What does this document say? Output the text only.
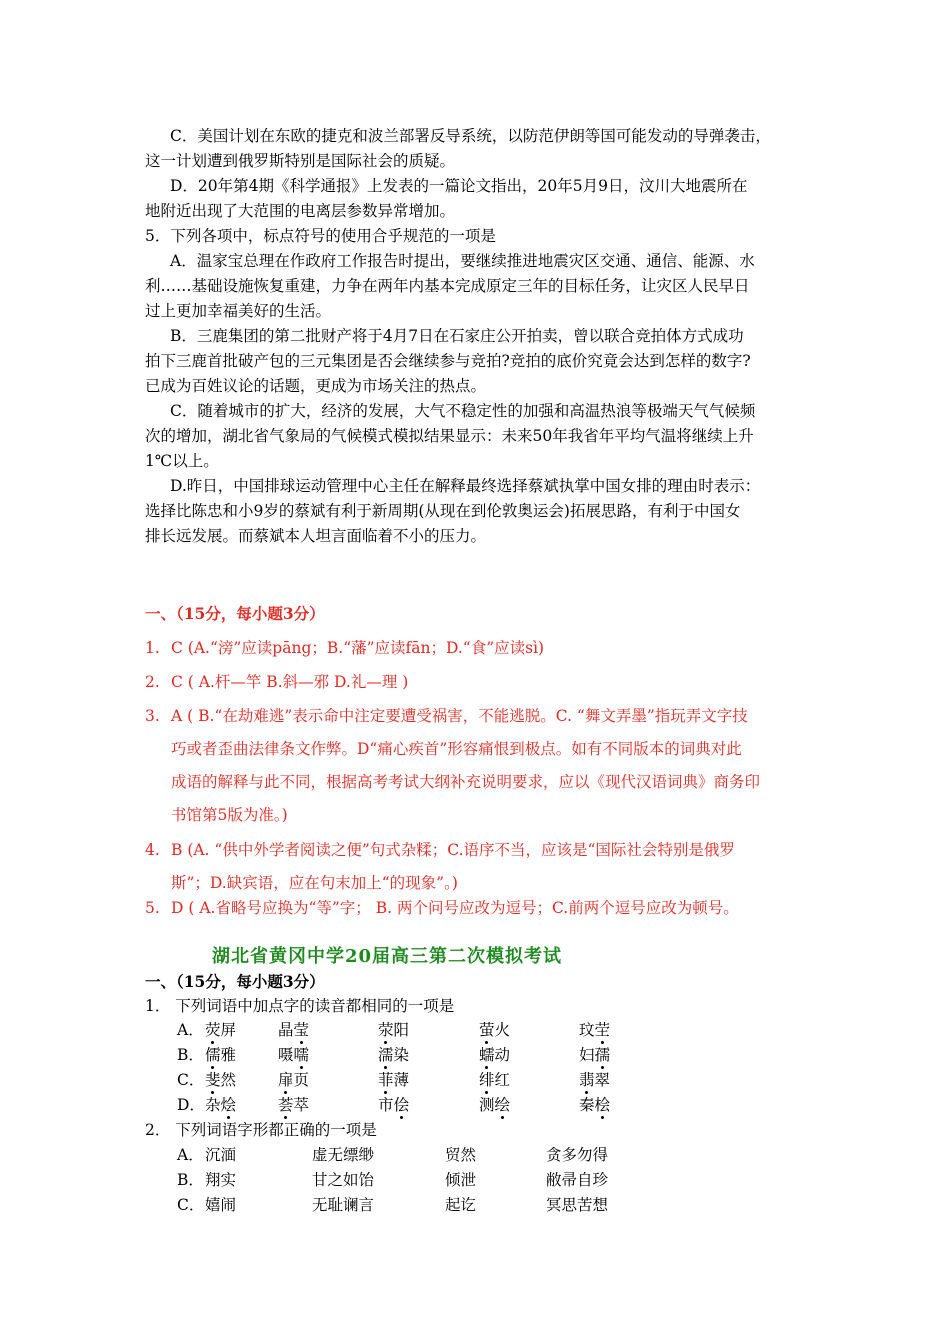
C．美国计划在东欧的捷克和波兰部署反导系统，以防范伊朗等国可能发动的导弹袭击，
这一计划遭到俄罗斯特别是国际社会的质疑。
D．20年第4期《科学通报》上发表的一篇论文指出，20年5月9日，汶川大地震所在
地附近出现了大范围的电离层参数异常增加。
5．下列各项中，标点符号的使用合乎规范的一项是
A．温家宝总理在作政府工作报告时提出，要继续推进地震灾区交通、通信、能源、水
利……基础设施恢复重建，力争在两年内基本完成原定三年的目标任务，让灾区人民早日
过上更加幸福美好的生活。
B．三鹿集团的第二批财产将于4月7日在石家庄公开拍卖，曾以联合竞拍体方式成功
拍下三鹿首批破产包的三元集团是否会继续参与竞拍?竞拍的底价究竟会达到怎样的数字?
已成为百姓议论的话题，更成为市场关注的热点。
C．随着城市的扩大，经济的发展，大气不稳定性的加强和高温热浪等极端天气气候频
次的增加，湖北省气象局的气候模式模拟结果显示：未来50年我省年平均气温将继续上升
1℃以上。
D.昨日，中国排球运动管理中心主任在解释最终选择蔡斌执掌中国女排的理由时表示：
选择比陈忠和小9岁的蔡斌有利于新周期(从现在到伦敦奥运会)拓展思路，有利于中国女
排长远发展。而蔡斌本人坦言面临着不小的压力。
一、（15分，每小题3分）
1. C (A.“滂”应读pāng；B.“藩”应读fān；D.“食”应读sì)
2. C ( A.杆—竿 B.斜—邪 D.礼—理 )
3. A ( B.“在劫难逃”表示命中注定要遭受祸害，不能逃脱。C. “舞文弄墨”指玩弄文字技
巧或者歪曲法律条文作弊。D“痛心疾首”形容痛恨到极点。如有不同版本的词典对此
成语的解释与此不同，根据高考考试大纲补充说明要求，应以《现代汉语词典》商务印
书馆第5版为准。)
4. B (A. “供中外学者阅读之便”句式杂糅；C.语序不当，应该是“国际社会特别是俄罗
斯”；D.缺宾语，应在句末加上“的现象”。)
5. D ( A.省略号应换为“等”字； B. 两个问号应改为逗号；C.前两个逗号应改为顿号。
湖北省黄冈中学20届高三第二次模拟考试
一、（15分，每小题3分）
1． 下列词语中加点字的读音都相同的一项是
A． 荧屏	晶莹	荥阳	萤火	玟茔
B． 儒雅	嗫嚅	濡染	蠕动	妇孺
C． 斐然	扉页	菲薄	绯红	翡翠
D． 杂烩	荟萃	市侩	测绘	秦桧
2． 下列词语字形都正确的一项是
A． 沉湎	虚无缥缈	贸然	贪多勿得
B． 翔实	甘之如饴	倾泄	敝帚自珍
C． 嬉闹	无耻谰言	起讫	冥思苦想
